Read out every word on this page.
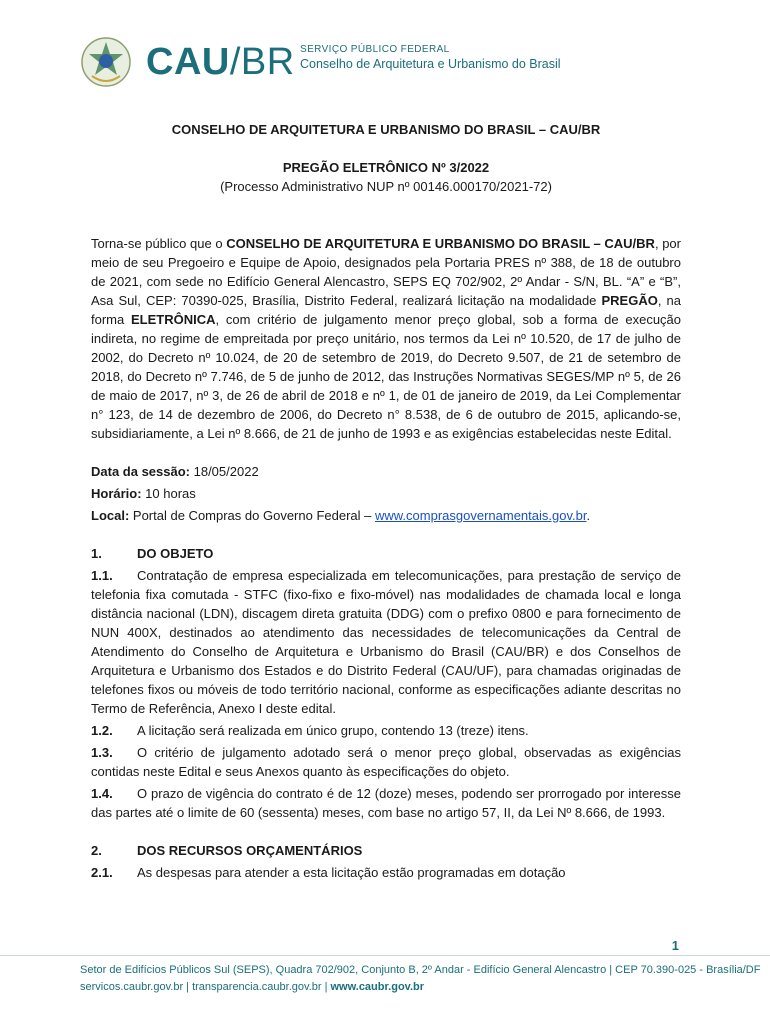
CAU/BR SERVIÇO PÚBLICO FEDERAL
Conselho de Arquitetura e Urbanismo do Brasil

CONSELHO DE ARQUITETURA E URBANISMO DO BRASIL – CAU/BR

PREGÃO ELETRÔNICO Nº 3/2022

(Processo Administrativo NUP nº 00146.000170/2021-72)

Torna-se público que o CONSELHO DE ARQUITETURA E URBANISMO DO BRASIL – CAU/BR, por meio de seu Pregoeiro e Equipe de Apoio, designados pela Portaria PRES nº 388, de 18 de outubro de 2021, com sede no Edifício General Alencastro, SEPS EQ 702/902, 2º Andar - S/N, BL. “A” e “B”, Asa Sul, CEP: 70390-025, Brasília, Distrito Federal, realizará licitação na modalidade PREGÃO, na forma ELETRÔNICA, com critério de julgamento menor preço global, sob a forma de execução indireta, no regime de empreitada por preço unitário, nos termos da Lei nº 10.520, de 17 de julho de 2002, do Decreto nº 10.024, de 20 de setembro de 2019, do Decreto 9.507, de 21 de setembro de 2018, do Decreto nº 7.746, de 5 de junho de 2012, das Instruções Normativas SEGES/MP nº 5, de 26 de maio de 2017, nº 3, de 26 de abril de 2018 e nº 1, de 01 de janeiro de 2019, da Lei Complementar n° 123, de 14 de dezembro de 2006, do Decreto n° 8.538, de 6 de outubro de 2015, aplicando-se, subsidiariamente, a Lei nº 8.666, de 21 de junho de 1993 e as exigências estabelecidas neste Edital.

Data da sessão: 18/05/2022

Horário: 10 horas

Local: Portal de Compras do Governo Federal – www.comprasgovernamentais.gov.br.

1.	DO OBJETO

1.1. Contratação de empresa especializada em telecomunicações, para prestação de serviço de telefonia fixa comutada - STFC (fixo-fixo e fixo-móvel) nas modalidades de chamada local e longa distância nacional (LDN), discagem direta gratuita (DDG) com o prefixo 0800 e para fornecimento de NUN 400X, destinados ao atendimento das necessidades de telecomunicações da Central de Atendimento do Conselho de Arquitetura e Urbanismo do Brasil (CAU/BR) e dos Conselhos de Arquitetura e Urbanismo dos Estados e do Distrito Federal (CAU/UF), para chamadas originadas de telefones fixos ou móveis de todo território nacional, conforme as especificações adiante descritas no Termo de Referência, Anexo I deste edital.

1.2. A licitação será realizada em único grupo, contendo 13 (treze) itens.

1.3. O critério de julgamento adotado será o menor preço global, observadas as exigências contidas neste Edital e seus Anexos quanto às especificações do objeto.

1.4. O prazo de vigência do contrato é de 12 (doze) meses, podendo ser prorrogado por interesse das partes até o limite de 60 (sessenta) meses, com base no artigo 57, II, da Lei Nº 8.666, de 1993.

2.	DOS RECURSOS ORÇAMENTÁRIOS

2.1. As despesas para atender a esta licitação estão programadas em dotação

1
Setor de Edifícios Públicos Sul (SEPS), Quadra 702/902, Conjunto B, 2º Andar - Edifício General Alencastro | CEP 70.390-025 - Brasília/DF
servicos.caubr.gov.br | transparencia.caubr.gov.br | www.caubr.gov.br
